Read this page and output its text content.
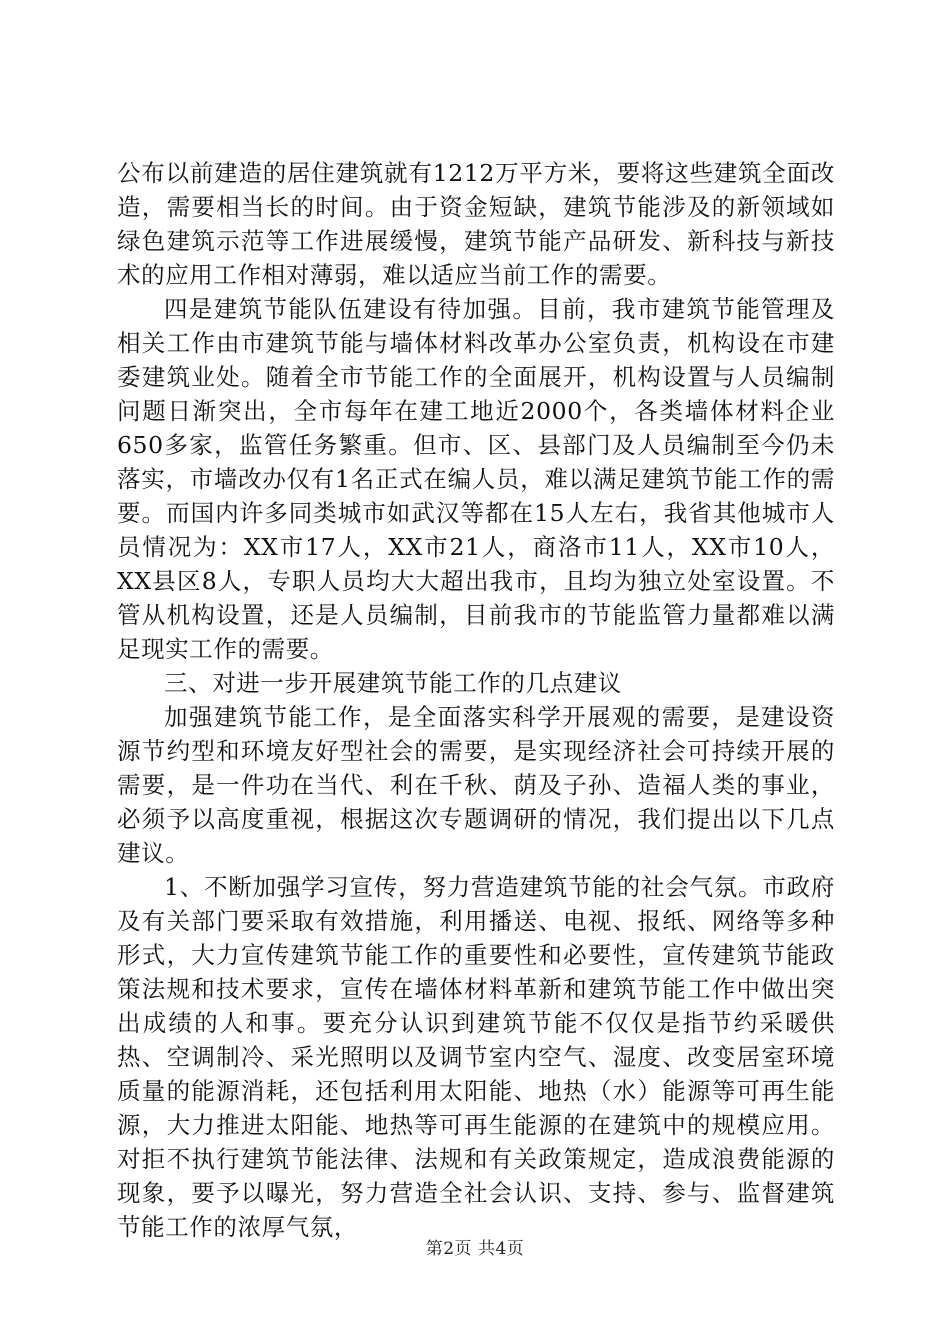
公布以前建造的居住建筑就有1212万平方米，要将这些建筑全面改造，需要相当长的时间。由于资金短缺，建筑节能涉及的新领域如绿色建筑示范等工作进展缓慢，建筑节能产品研发、新科技与新技术的应用工作相对薄弱，难以适应当前工作的需要。

四是建筑节能队伍建设有待加强。目前，我市建筑节能管理及相关工作由市建筑节能与墙体材料改革办公室负责，机构设在市建委建筑业处。随着全市节能工作的全面展开，机构设置与人员编制问题日渐突出，全市每年在建工地近2000个，各类墙体材料企业650多家，监管任务繁重。但市、区、县部门及人员编制至今仍未落实，市墙改办仅有1名正式在编人员，难以满足建筑节能工作的需要。而国内许多同类城市如武汉等都在15人左右，我省其他城市人员情况为：XX市17人，XX市21人，商洛市11人，XX市10人，XX县区8人，专职人员均大大超出我市，且均为独立处室设置。不管从机构设置，还是人员编制，目前我市的节能监管力量都难以满足现实工作的需要。

三、对进一步开展建筑节能工作的几点建议

加强建筑节能工作，是全面落实科学开展观的需要，是建设资源节约型和环境友好型社会的需要，是实现经济社会可持续开展的需要，是一件功在当代、利在千秋、荫及子孙、造福人类的事业，必须予以高度重视，根据这次专题调研的情况，我们提出以下几点建议。

1、不断加强学习宣传，努力营造建筑节能的社会气氛。市政府及有关部门要采取有效措施，利用播送、电视、报纸、网络等多种形式，大力宣传建筑节能工作的重要性和必要性，宣传建筑节能政策法规和技术要求，宣传在墙体材料革新和建筑节能工作中做出突出成绩的人和事。要充分认识到建筑节能不仅仅是指节约采暖供热、空调制冷、采光照明以及调节室内空气、湿度、改变居室环境质量的能源消耗，还包括利用太阳能、地热（水）能源等可再生能源，大力推进太阳能、地热等可再生能源的在建筑中的规模应用。对拒不执行建筑节能法律、法规和有关政策规定，造成浪费能源的现象，要予以曝光，努力营造全社会认识、支持、参与、监督建筑节能工作的浓厚气氛，

第2页 共4页
